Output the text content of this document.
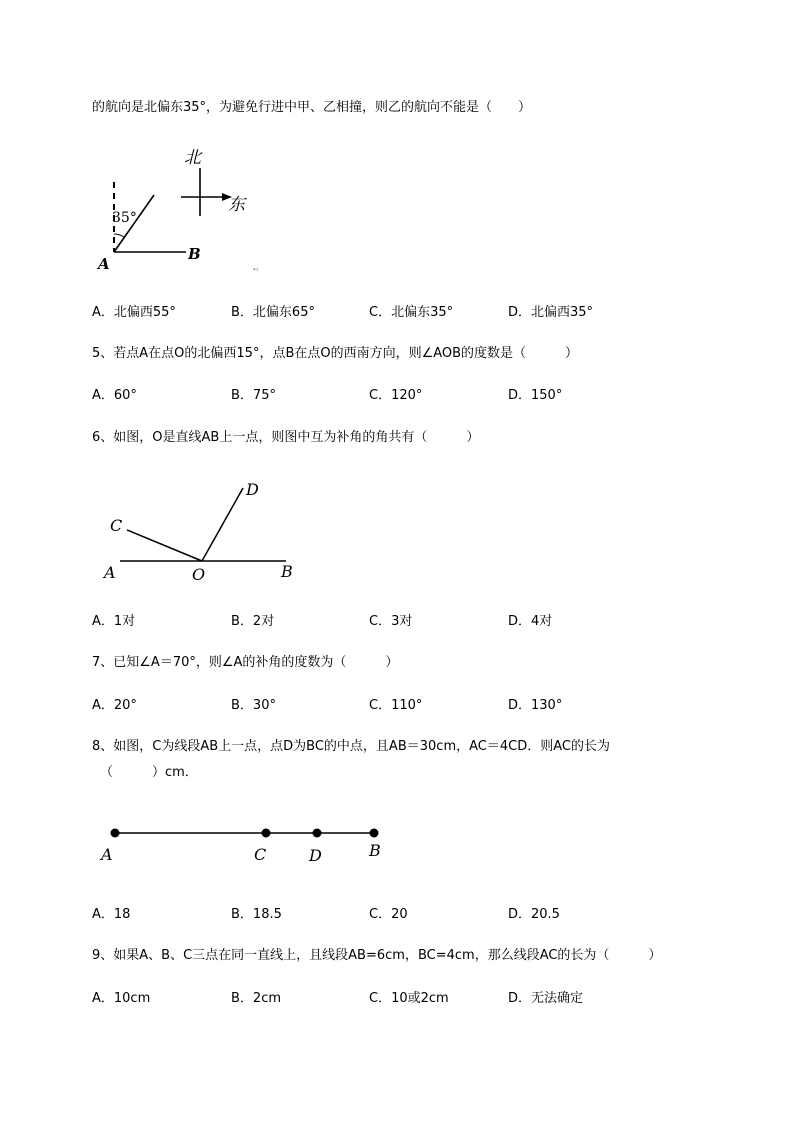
的航向是北偏东35°，为避免行进中甲、乙相撞，则乙的航向不能是（　　）
35°
A
B
北
东
⁴¹
A．北偏西55°	B．北偏东65°	C．北偏东35°	D．北偏西35°
5、若点A在点O的北偏西15°，点B在点O的西南方向，则∠AOB的度数是（　　　）
A．60°	B．75°	C．120°	D．150°
6、如图，O是直线AB上一点，则图中互为补角的角共有（　　　）
A	B
C
D
O
A．1对	B．2对	C．3对	D．4对
7、已知∠A＝70°，则∠A的补角的度数为（　　　）
A．20°	B．30°	C．110°	D．130°
8、如图，C为线段AB上一点，点D为BC的中点，且AB＝30cm，AC＝4CD．则AC的长为
（　　　）cm．
A	C	D	B
A．18	B．18.5	C．20	D．20.5
9、如果A、B、C三点在同一直线上，且线段AB=6cm，BC=4cm，那么线段AC的长为（　　　）
A．10cm	B．2cm	C．10或2cm	D．无法确定
